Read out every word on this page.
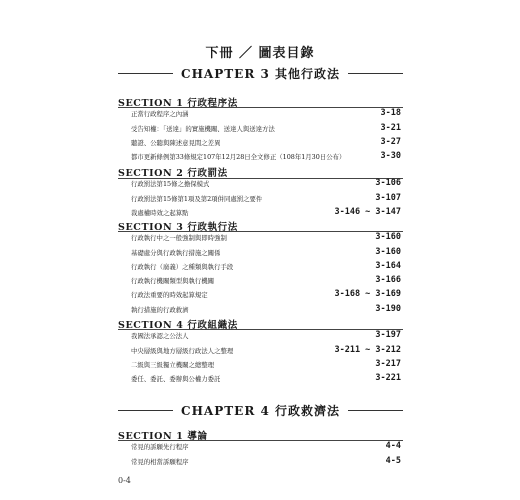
下冊 ／ 圖表目錄
CHAPTER 3 其他行政法
SECTION 1 行政程序法
正當行政程序之內涵	3-18
受告知權：「送達」的實施機關、送達人與送達方法	3-21
聽證、公聽與陳述意見間之差異	3-27
都市更新條例第33條規定107年12月28日全文修正（108年1月30日公布）	3-30
SECTION 2 行政罰法
行政罰法第15條之擔保模式	3-106
行政罰法第15條第1項及第2項併同處罰之要件	3-107
裁處權時效之起算點	3-146 ~ 3-147
SECTION 3 行政執行法
行政執行中之一般強制與即時強制	3-160
基礎處分與行政執行措施之關係	3-160
行政執行（廣義）之種類與執行手段	3-164
行政執行機關類型與執行機關	3-166
行政法重要的時效起算規定	3-168 ~ 3-169
執行措施的行政救濟	3-190
SECTION 4 行政組織法
我國法承認之公法人	3-197
中央層級與地方層級行政法人之整理	3-211 ~ 3-212
二級與三級獨立機關之總整理	3-217
委任、委託、委辦與公權力委託	3-221
CHAPTER 4 行政救濟法
SECTION 1 導論
常見的訴願先行程序	4-4
常見的相當訴願程序	4-5
0-4
